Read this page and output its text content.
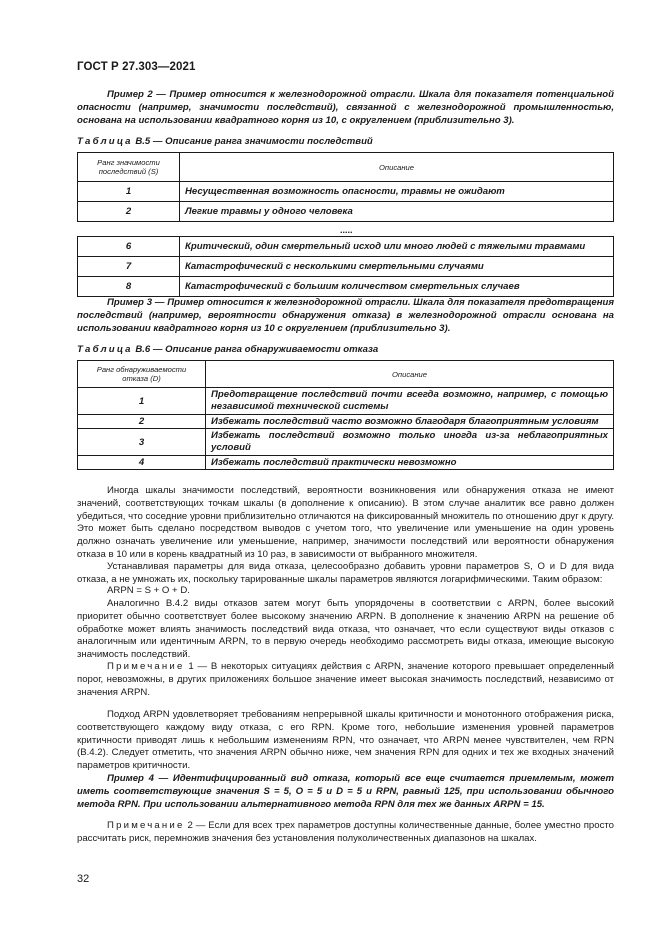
ГОСТ Р 27.303—2021

Пример 2 — Пример относится к железнодорожной отрасли. Шкала для показателя потенциальной опасности (например, значимости последствий), связанной с железнодорожной промышленностью, основана на использовании квадратного корня из 10, с округлением (приблизительно 3).

Таблица В.5 — Описание ранга значимости последствий
Ранг значимости последствий (S)	Описание
1	Несущественная возможность опасности, травмы не ожидают
2	Легкие травмы у одного человека
.....
6	Критический, один смертельный исход или много людей с тяжелыми травмами
7	Катастрофический с несколькими смертельными случаями
8	Катастрофический с большим количеством смертельных случаев

Пример 3 — Пример относится к железнодорожной отрасли. Шкала для показателя предотвращения последствий (например, вероятности обнаружения отказа) в железнодорожной отрасли основана на использовании квадратного корня из 10 с округлением (приблизительно 3).

Таблица В.6 — Описание ранга обнаруживаемости отказа
Ранг обнаруживаемости отказа (D)	Описание
1	Предотвращение последствий почти всегда возможно, например, с помощью независимой технической системы
2	Избежать последствий часто возможно благодаря благоприятным условиям
3	Избежать последствий возможно только иногда из-за неблагоприятных условий
4	Избежать последствий практически невозможно

Иногда шкалы значимости последствий, вероятности возникновения или обнаружения отказа не имеют значений, соответствующих точкам шкалы (в дополнение к описанию). В этом случае аналитик все равно должен убедиться, что соседние уровни приблизительно отличаются на фиксированный множитель по отношению друг к другу. Это может быть сделано посредством выводов с учетом того, что увеличение или уменьшение на один уровень должно означать увеличение или уменьшение, например, значимости последствий или вероятности обнаружения отказа в 10 или в корень квадратный из 10 раз, в зависимости от выбранного множителя.

Устанавливая параметры для вида отказа, целесообразно добавить уровни параметров S, O и D для вида отказа, а не умножать их, поскольку тарированные шкалы параметров являются логарифмическими. Таким образом:

ARPN = S + O + D.

Аналогично B.4.2 виды отказов затем могут быть упорядочены в соответствии с ARPN, более высокий приоритет обычно соответствует более высокому значению ARPN. В дополнение к значению ARPN на решение об обработке может влиять значимость последствий вида отказа, что означает, что если существуют виды отказов с аналогичным или идентичным ARPN, то в первую очередь необходимо рассмотреть виды отказа, имеющие высокую значимость последствий.

Примечание 1 — В некоторых ситуациях действия с ARPN, значение которого превышает определенный порог, невозможны, в других приложениях большое значение имеет высокая значимость последствий, независимо от значения ARPN.

Подход ARPN удовлетворяет требованиям непрерывной шкалы критичности и монотонного отображения риска, соответствующего каждому виду отказа, с его RPN. Кроме того, небольшие изменения уровней параметров критичности приводят лишь к небольшим изменениям RPN, что означает, что ARPN менее чувствителен, чем RPN (B.4.2). Следует отметить, что значения ARPN обычно ниже, чем значения RPN для одних и тех же входных значений параметров критичности.

Пример 4 — Идентифицированный вид отказа, который все еще считается приемлемым, может иметь соответствующие значения S = 5, O = 5 и D = 5 и RPN, равный 125, при использовании обычного метода RPN. При использовании альтернативного метода RPN для тех же данных ARPN = 15.

Примечание 2 — Если для всех трех параметров доступны количественные данные, более уместно просто рассчитать риск, перемножив значения без установления полуколичественных диапазонов на шкалах.

32
